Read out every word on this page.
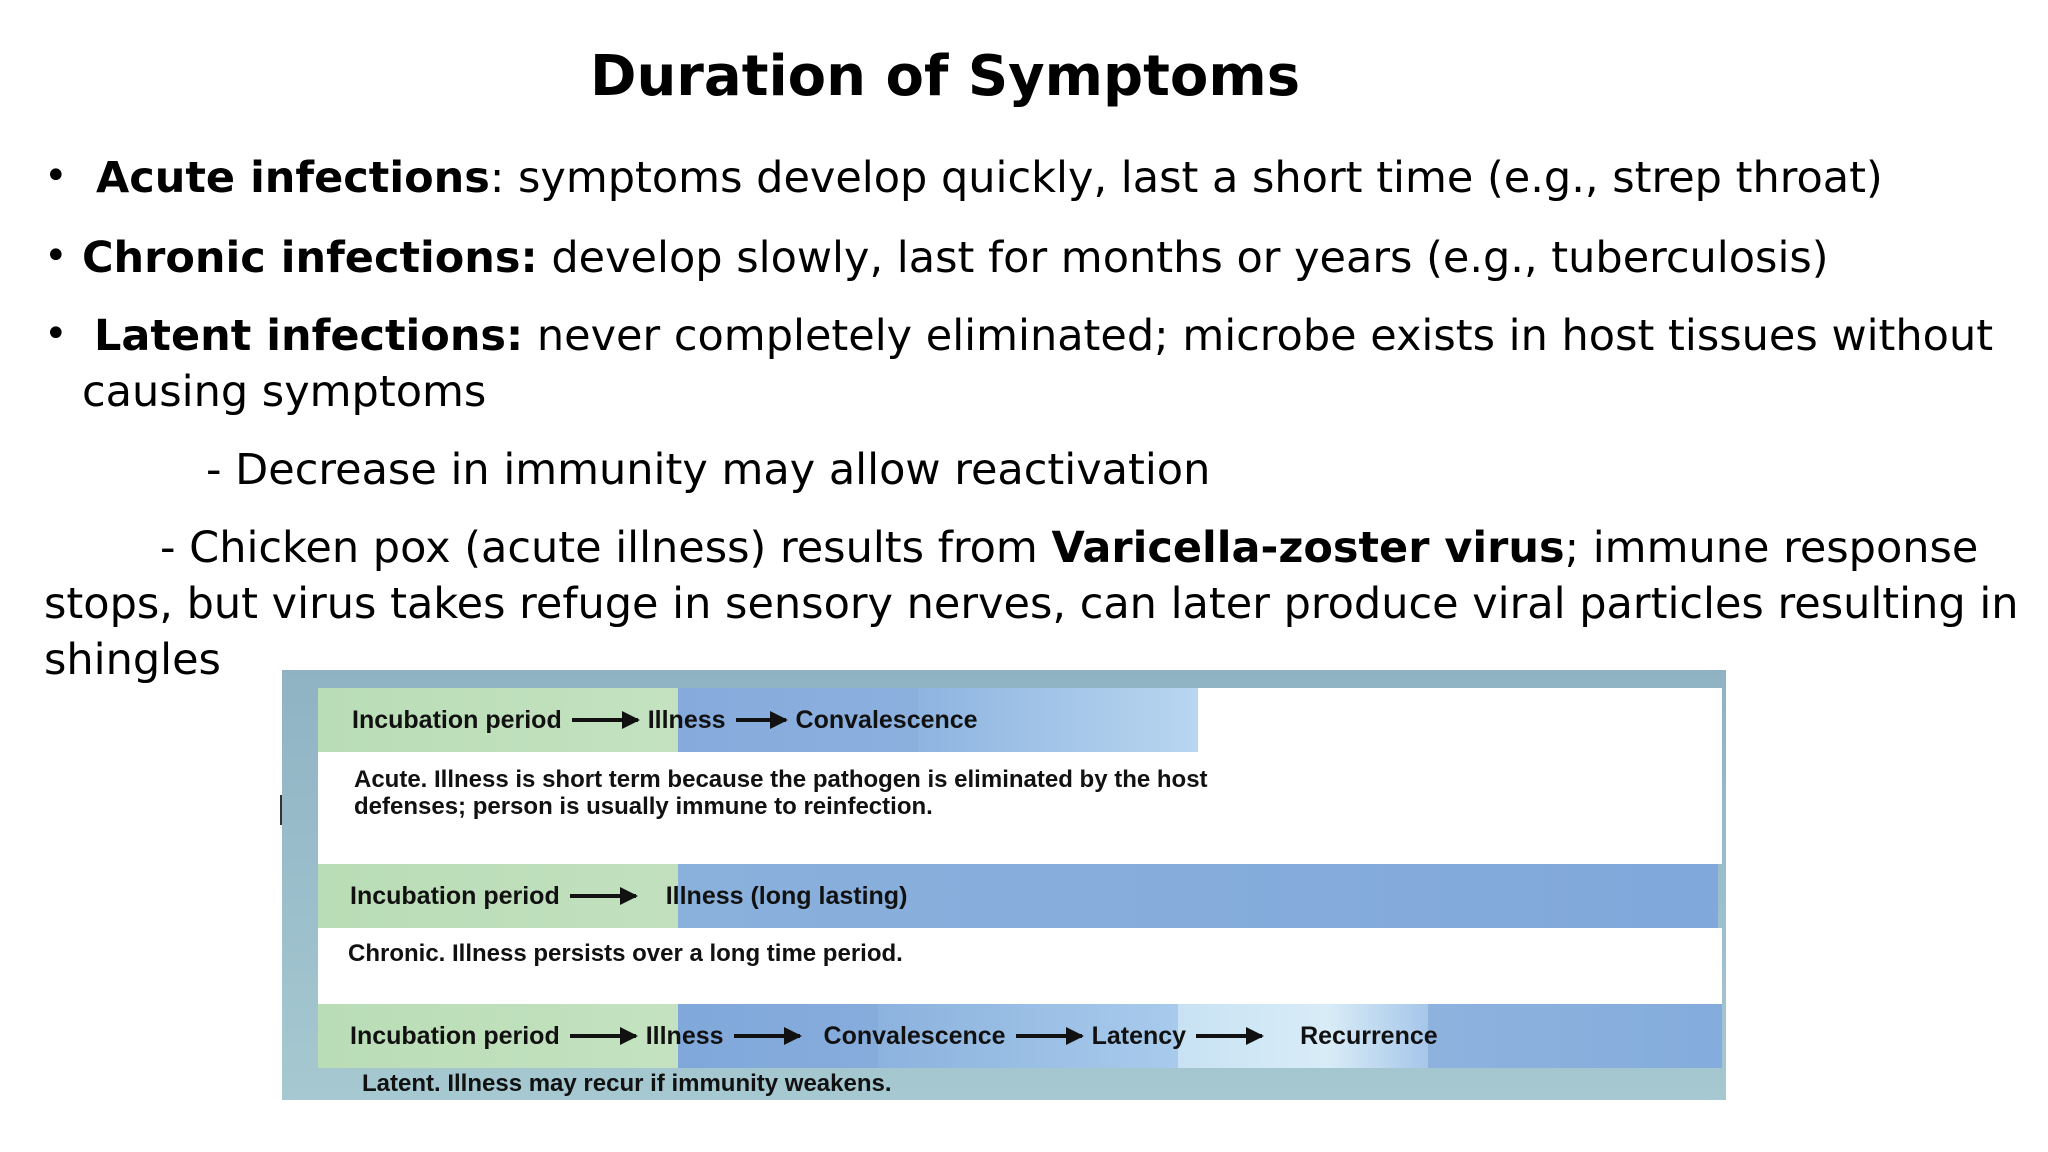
Duration of Symptoms
• Acute infections: symptoms develop quickly, last a short time (e.g., strep throat)
• Chronic infections: develop slowly, last for months or years (e.g., tuberculosis)
• Latent infections: never completely eliminated; microbe exists in host tissues without
causing symptoms
- Decrease in immunity may allow reactivation
- Chicken pox (acute illness) results from Varicella-zoster virus; immune response
stops, but virus takes refuge in sensory nerves, can later produce viral particles resulting in
shingles
Incubation period	Illness	Convalescence
Acute. Illness is short term because the pathogen is eliminated by the host
defenses; person is usually immune to reinfection.
Incubation period	Illness (long lasting)
Chronic. Illness persists over a long time period.
Incubation period	Illness	Convalescence	Latency	Recurrence
Latent. Illness may recur if immunity weakens.
